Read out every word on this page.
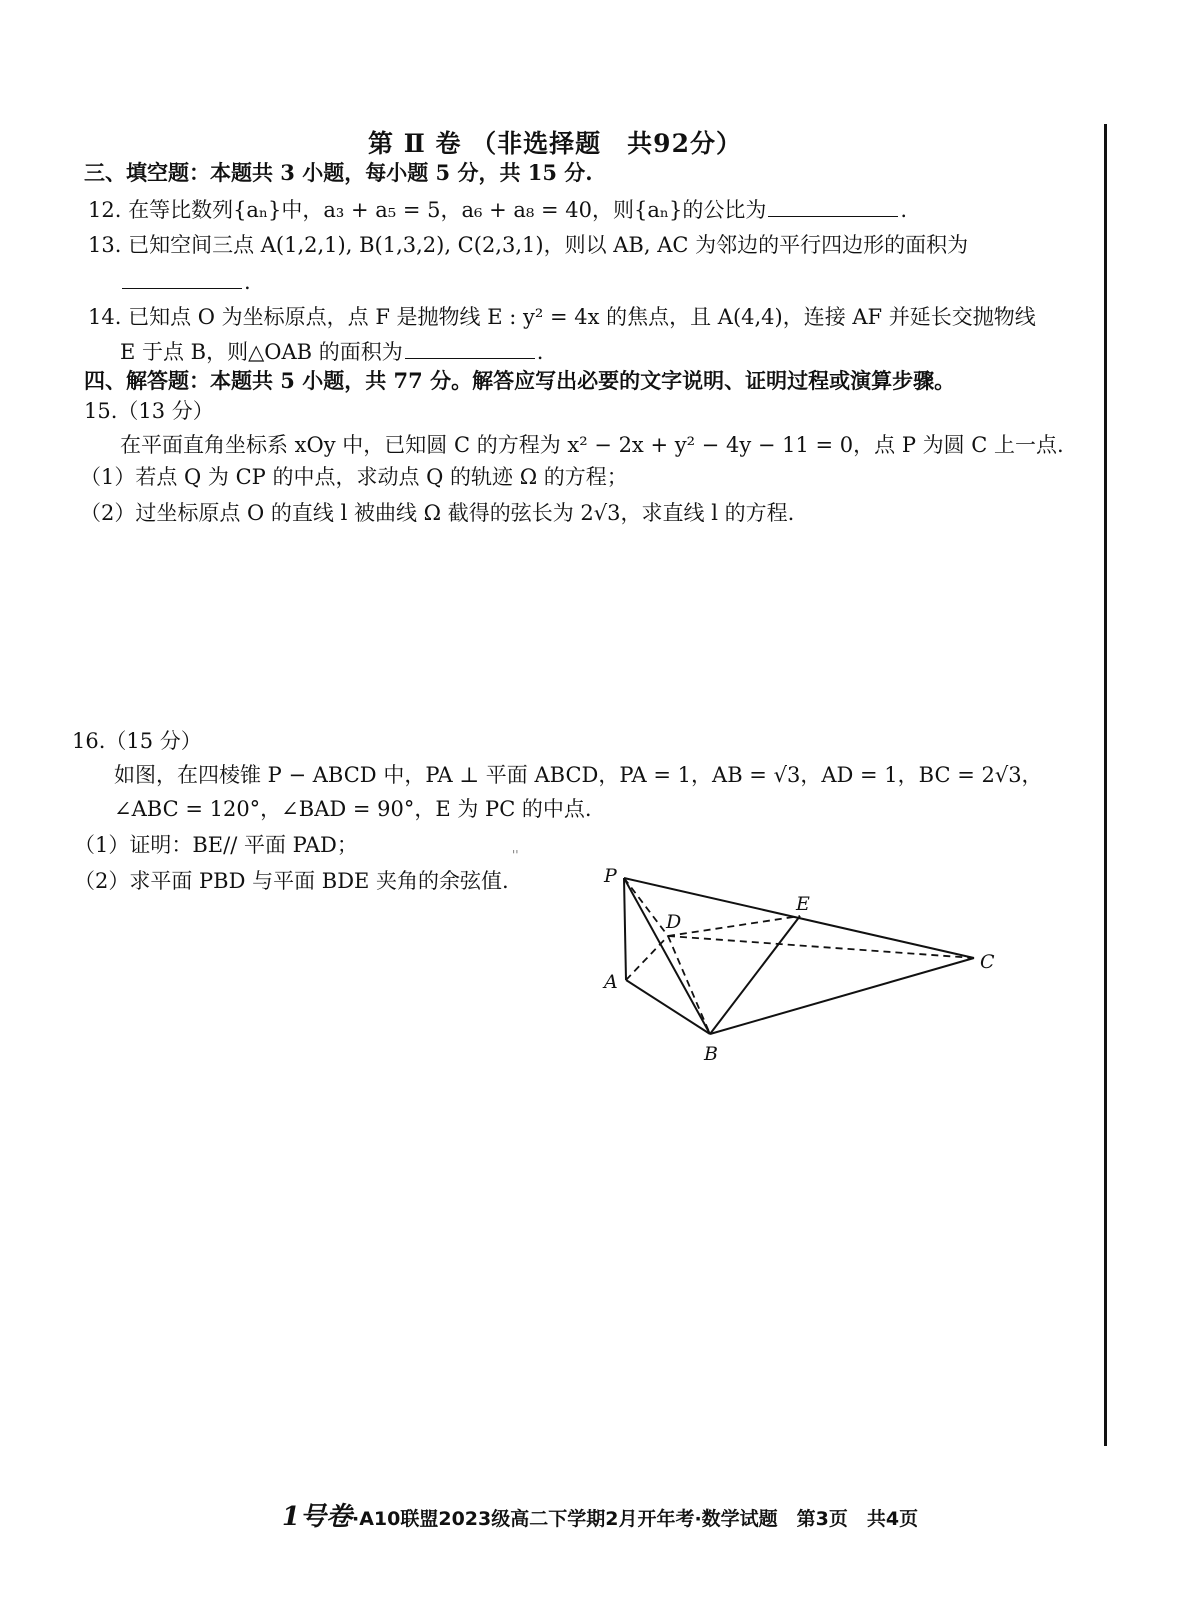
第 Ⅱ 卷 （非选择题　共92分）
三、填空题：本题共 3 小题，每小题 5 分，共 15 分.
12. 在等比数列{aₙ}中，a₃ + a₅ = 5，a₆ + a₈ = 40，则{aₙ}的公比为	.
13. 已知空间三点 A(1,2,1), B(1,3,2), C(2,3,1)，则以 AB, AC 为邻边的平行四边形的面积为
.
14. 已知点 O 为坐标原点，点 F 是抛物线 E : y² = 4x 的焦点，且 A(4,4)，连接 AF 并延长交抛物线
E 于点 B，则△OAB 的面积为	.
四、解答题：本题共 5 小题，共 77 分。解答应写出必要的文字说明、证明过程或演算步骤。
15.（13 分）
在平面直角坐标系 xOy 中，已知圆 C 的方程为 x² − 2x + y² − 4y − 11 = 0，点 P 为圆 C 上一点.
（1）若点 Q 为 CP 的中点，求动点 Q 的轨迹 Ω 的方程；
（2）过坐标原点 O 的直线 l 被曲线 Ω 截得的弦长为 2√3，求直线 l 的方程.
16.（15 分）
如图，在四棱锥 P − ABCD 中，PA ⊥ 平面 ABCD，PA = 1，AB = √3，AD = 1，BC = 2√3，
∠ABC = 120°，∠BAD = 90°，E 为 PC 的中点.
（1）证明：BE// 平面 PAD；
（2）求平面 PBD 与平面 BDE 夹角的余弦值.
''
P
D
E
C
A
B
1号卷·A10联盟2023级高二下学期2月开年考·数学试题　第3页　共4页
